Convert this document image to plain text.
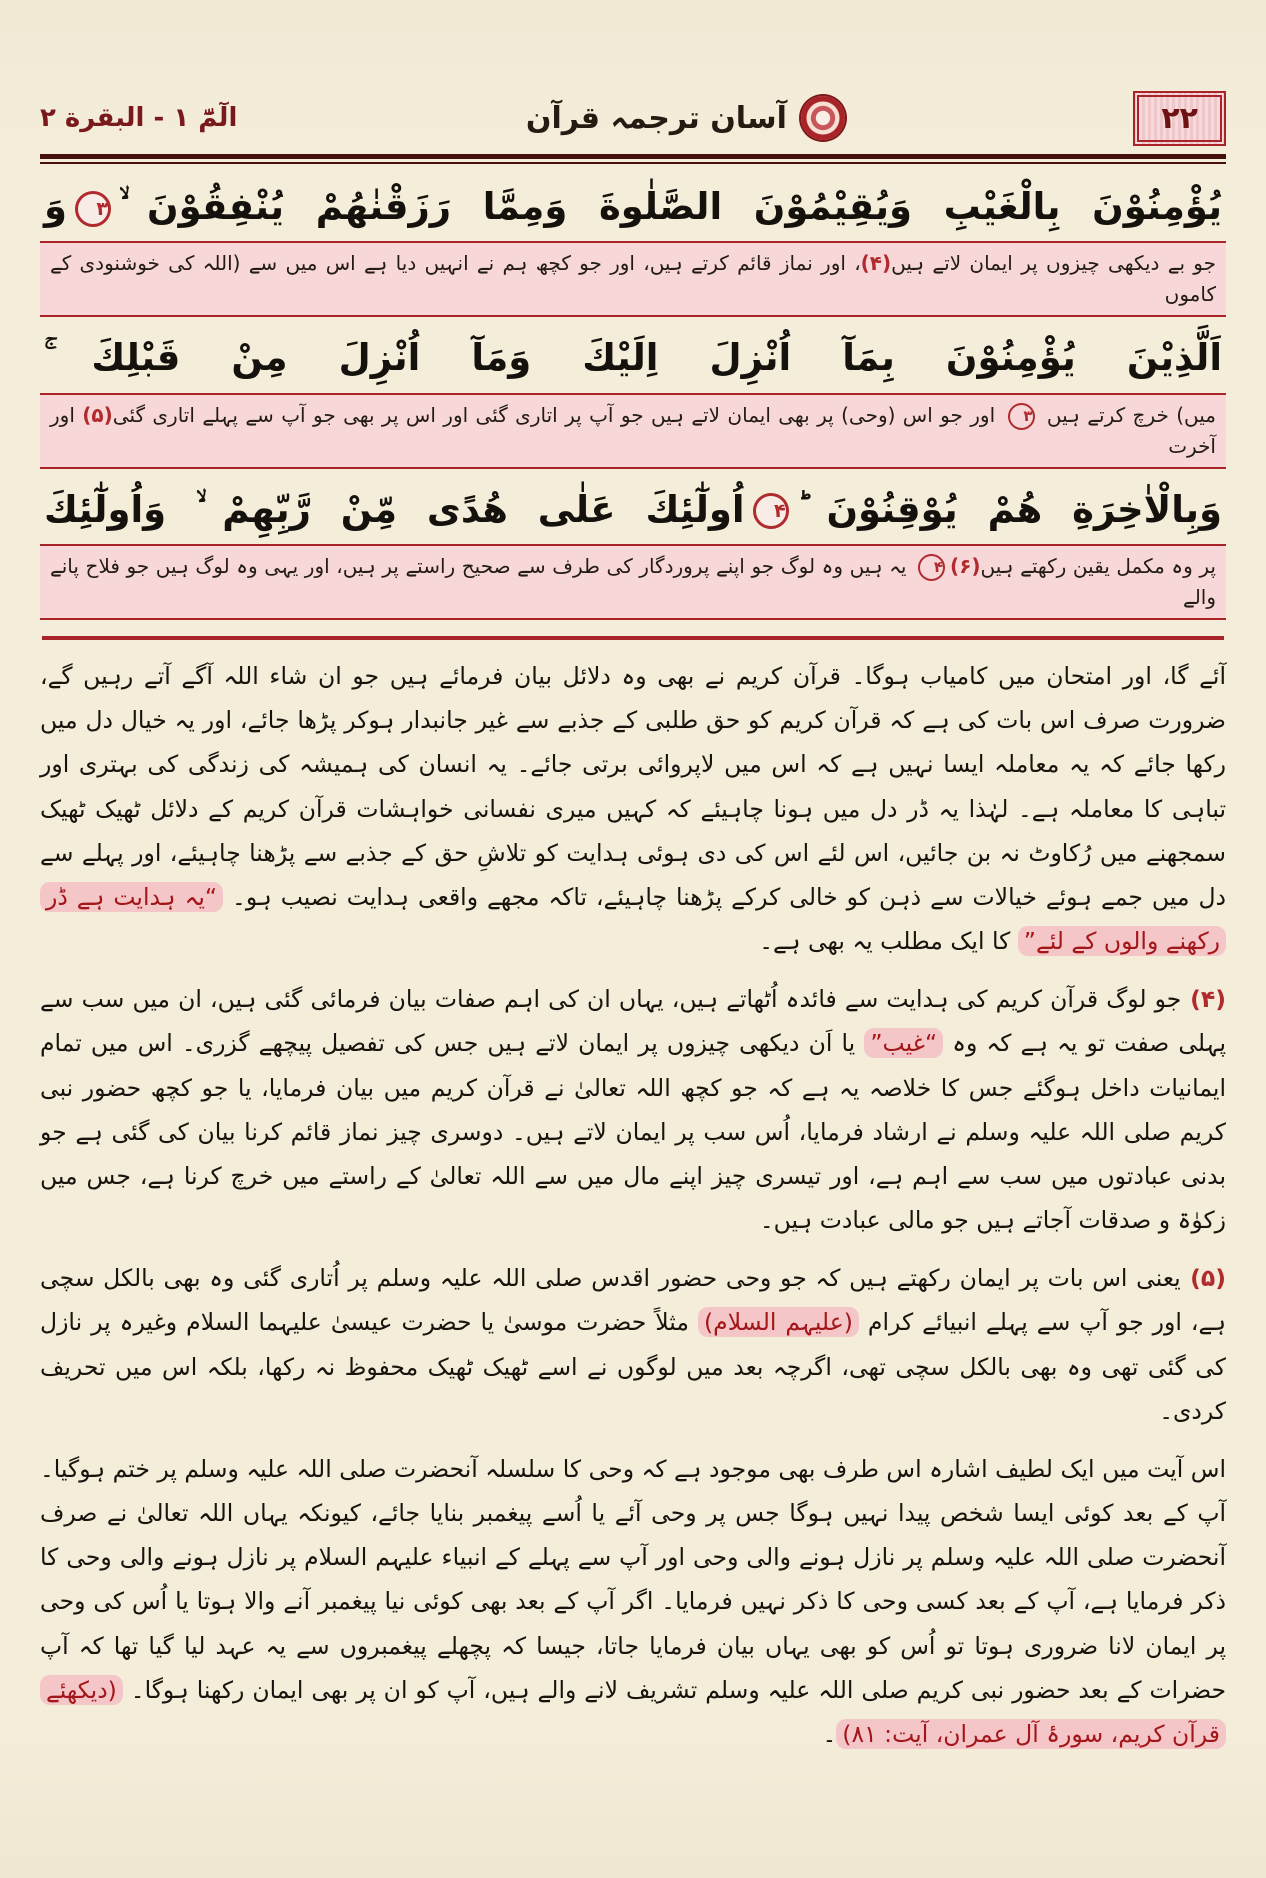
٢٢
آسان ترجمہ قرآن
الٓمّٓ ۱ - البقرة ۲
يُؤْمِنُوْنَ بِالْغَيْبِ وَيُقِيْمُوْنَ الصَّلٰوةَ وَمِمَّا رَزَقْنٰهُمْ يُنْفِقُوْنَ ۙ۳وَ
جو بے دیکھی چیزوں پر ایمان لاتے ہیں(۴)، اور نماز قائم کرتے ہیں، اور جو کچھ ہم نے انہیں دیا ہے اس میں سے (اللہ کی خوشنودی کے کاموں
اَلَّذِيْنَ يُؤْمِنُوْنَ بِمَآ اُنْزِلَ اِلَيْكَ وَمَآ اُنْزِلَ مِنْ قَبْلِكَ ۚ
میں) خرچ کرتے ہیں ۳ اور جو اس (وحی) پر بھی ایمان لاتے ہیں جو آپ پر اتاری گئی اور اس پر بھی جو آپ سے پہلے اتاری گئی(۵) اور آخرت
وَبِالْاٰخِرَةِ هُمْ يُوْقِنُوْنَ ؕ۴اُولٰٓئِكَ عَلٰی هُدًی مِّنْ رَّبِّهِمْ ۙ وَاُولٰٓئِكَ
پر وہ مکمل یقین رکھتے ہیں(۶)۴ یہ ہیں وہ لوگ جو اپنے پروردگار کی طرف سے صحیح راستے پر ہیں، اور یہی وہ لوگ ہیں جو فلاح پانے والے

آئے گا، اور امتحان میں کامیاب ہوگا۔ قرآن کریم نے بھی وہ دلائل بیان فرمائے ہیں جو ان شاء اللہ آگے آتے رہیں گے، ضرورت صرف اس بات کی ہے کہ قرآن کریم کو حق طلبی کے جذبے سے غیر جانبدار ہوکر پڑھا جائے، اور یہ خیال دل میں رکھا جائے کہ یہ معاملہ ایسا نہیں ہے کہ اس میں لاپروائی برتی جائے۔ یہ انسان کی ہمیشہ کی زندگی کی بہتری اور تباہی کا معاملہ ہے۔ لہٰذا یہ ڈر دل میں ہونا چاہیئے کہ کہیں میری نفسانی خواہشات قرآن کریم کے دلائل ٹھیک ٹھیک سمجھنے میں رُکاوٹ نہ بن جائیں، اس لئے اس کی دی ہوئی ہدایت کو تلاشِ حق کے جذبے سے پڑھنا چاہیئے، اور پہلے سے دل میں جمے ہوئے خیالات سے ذہن کو خالی کرکے پڑھنا چاہیئے، تاکہ مجھے واقعی ہدایت نصیب ہو۔ “یہ ہدایت ہے ڈر رکھنے والوں کے لئے” کا ایک مطلب یہ بھی ہے۔

(۴) جو لوگ قرآن کریم کی ہدایت سے فائدہ اُٹھاتے ہیں، یہاں ان کی اہم صفات بیان فرمائی گئی ہیں، ان میں سب سے پہلی صفت تو یہ ہے کہ وہ “غیب” یا اَن دیکھی چیزوں پر ایمان لاتے ہیں جس کی تفصیل پیچھے گزری۔ اس میں تمام ایمانیات داخل ہوگئے جس کا خلاصہ یہ ہے کہ جو کچھ اللہ تعالیٰ نے قرآن کریم میں بیان فرمایا، یا جو کچھ حضور نبی کریم صلی اللہ علیہ وسلم نے ارشاد فرمایا، اُس سب پر ایمان لاتے ہیں۔ دوسری چیز نماز قائم کرنا بیان کی گئی ہے جو بدنی عبادتوں میں سب سے اہم ہے، اور تیسری چیز اپنے مال میں سے اللہ تعالیٰ کے راستے میں خرچ کرنا ہے، جس میں زکوٰۃ و صدقات آجاتے ہیں جو مالی عبادت ہیں۔

(۵) یعنی اس بات پر ایمان رکھتے ہیں کہ جو وحی حضور اقدس صلی اللہ علیہ وسلم پر اُتاری گئی وہ بھی بالکل سچی ہے، اور جو آپ سے پہلے انبیائے کرام (علیہم السلام) مثلاً حضرت موسیٰ یا حضرت عیسیٰ علیہما السلام وغیرہ پر نازل کی گئی تھی وہ بھی بالکل سچی تھی، اگرچہ بعد میں لوگوں نے اسے ٹھیک ٹھیک محفوظ نہ رکھا، بلکہ اس میں تحریف کردی۔

اس آیت میں ایک لطیف اشارہ اس طرف بھی موجود ہے کہ وحی کا سلسلہ آنحضرت صلی اللہ علیہ وسلم پر ختم ہوگیا۔ آپ کے بعد کوئی ایسا شخص پیدا نہیں ہوگا جس پر وحی آئے یا اُسے پیغمبر بنایا جائے، کیونکہ یہاں اللہ تعالیٰ نے صرف آنحضرت صلی اللہ علیہ وسلم پر نازل ہونے والی وحی اور آپ سے پہلے کے انبیاء علیہم السلام پر نازل ہونے والی وحی کا ذکر فرمایا ہے، آپ کے بعد کسی وحی کا ذکر نہیں فرمایا۔ اگر آپ کے بعد بھی کوئی نیا پیغمبر آنے والا ہوتا یا اُس کی وحی پر ایمان لانا ضروری ہوتا تو اُس کو بھی یہاں بیان فرمایا جاتا، جیسا کہ پچھلے پیغمبروں سے یہ عہد لیا گیا تھا کہ آپ حضرات کے بعد حضور نبی کریم صلی اللہ علیہ وسلم تشریف لانے والے ہیں، آپ کو ان پر بھی ایمان رکھنا ہوگا۔ (دیکھئے قرآن کریم، سورۂ آل عمران، آیت: ۸۱)۔
